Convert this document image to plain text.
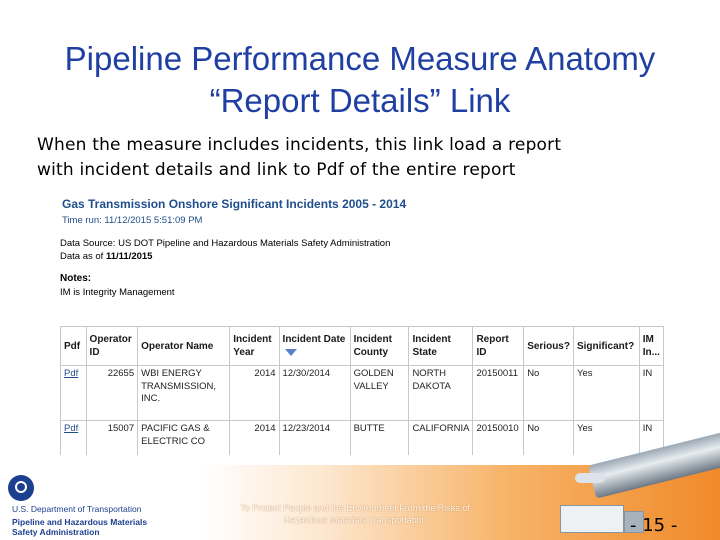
Pipeline Performance Measure Anatomy
“Report Details” Link
When the measure includes incidents, this link load a report
with incident details and link to Pdf of the entire report
Gas Transmission Onshore Significant Incidents 2005 - 2014
Time run: 11/12/2015 5:51:09 PM
Data Source: US DOT Pipeline and Hazardous Materials Safety Administration
Data as of 11/11/2015
Notes:
IM is Integrity Management
Pdf	Operator ID	Operator Name	Incident Year	Incident Date	Incident County	Incident State	Report ID	Serious?	Significant?	IM In...
Pdf	22655	WBI ENERGY TRANSMISSION, INC.	2014	12/30/2014	GOLDEN VALLEY	NORTH DAKOTA	20150011	No	Yes	IN
Pdf	15007	PACIFIC GAS & ELECTRIC CO	2014	12/23/2014	BUTTE	CALIFORNIA	20150010	No	Yes	IN
U.S. Department of Transportation
Pipeline and Hazardous Materials
Safety Administration
To Protect People and the Environment From the Risks of
Hazardous Materials Transportation	- 15 -
